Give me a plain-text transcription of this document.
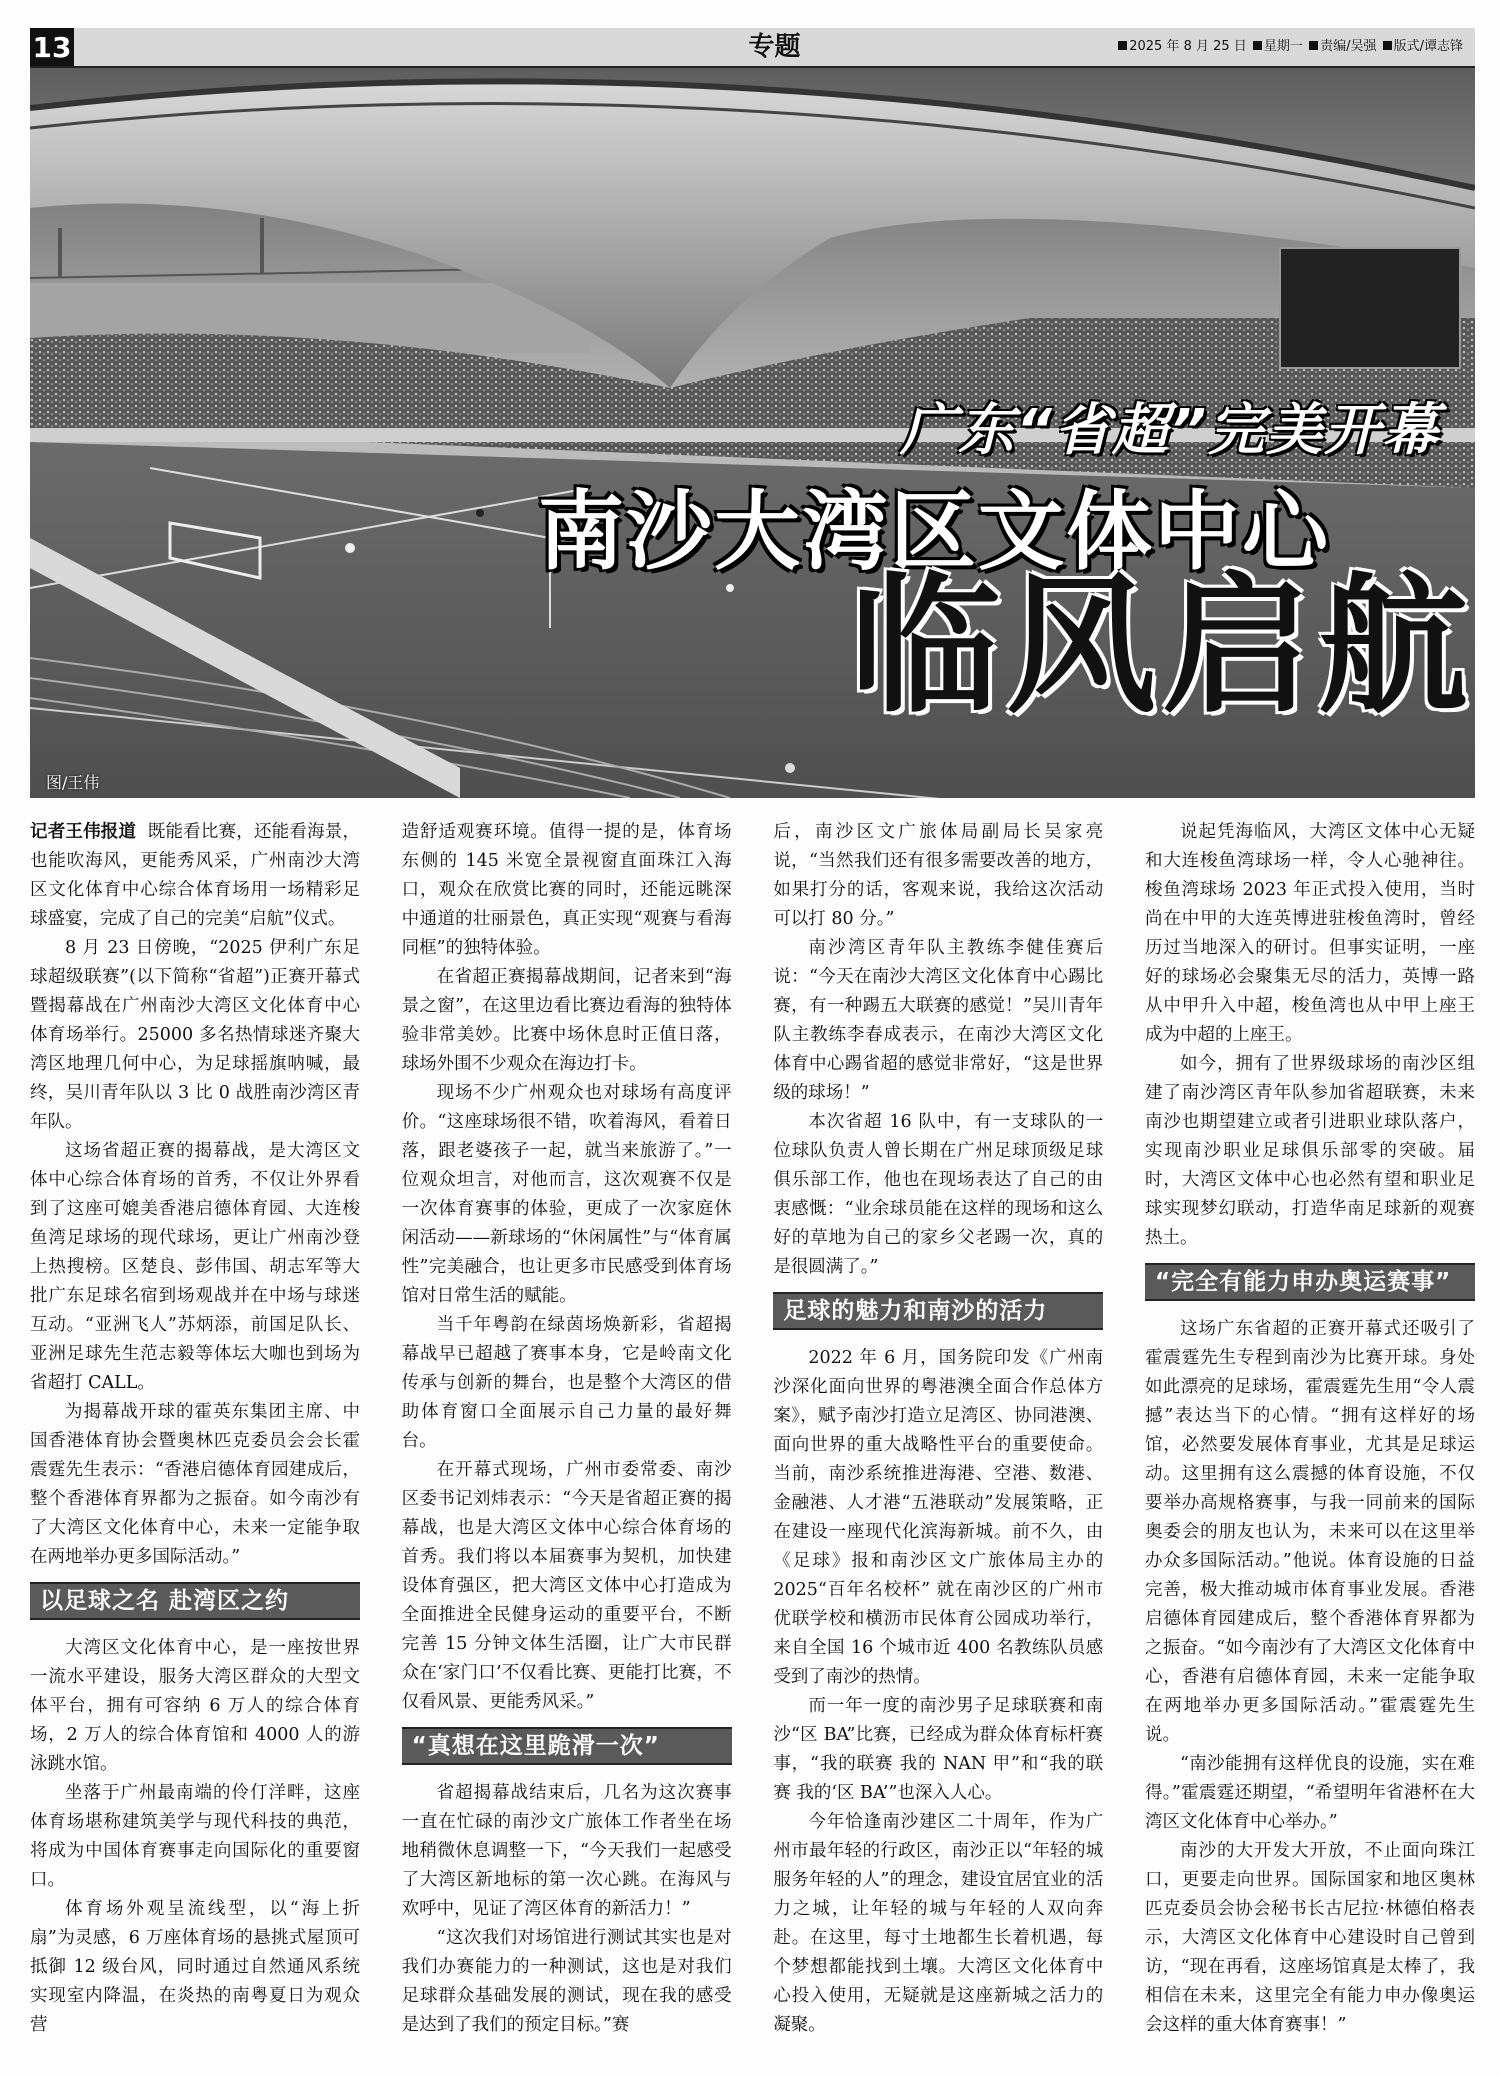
13	专题	2025 年 8 月 25 日 星期一 责编/吴强 版式/谭志锋
图/王伟
广东“省超”完美开幕
南沙大湾区文体中心
临风启航

记者王伟报道 既能看比赛，还能看海景，也能吹海风，更能秀风采，广州南沙大湾区文化体育中心综合体育场用一场精彩足球盛宴，完成了自己的完美“启航”仪式。

8 月 23 日傍晚，“2025 伊利广东足球超级联赛”(以下简称“省超”)正赛开幕式暨揭幕战在广州南沙大湾区文化体育中心体育场举行。25000 多名热情球迷齐聚大湾区地理几何中心，为足球摇旗呐喊，最终，吴川青年队以 3 比 0 战胜南沙湾区青年队。

这场省超正赛的揭幕战，是大湾区文体中心综合体育场的首秀，不仅让外界看到了这座可媲美香港启德体育园、大连梭鱼湾足球场的现代球场，更让广州南沙登上热搜榜。区楚良、彭伟国、胡志军等大批广东足球名宿到场观战并在中场与球迷互动。“亚洲飞人”苏炳添，前国足队长、亚洲足球先生范志毅等体坛大咖也到场为省超打 CALL。

为揭幕战开球的霍英东集团主席、中国香港体育协会暨奥林匹克委员会会长霍震霆先生表示：“香港启德体育园建成后，整个香港体育界都为之振奋。如今南沙有了大湾区文化体育中心，未来一定能争取在两地举办更多国际活动。”

以足球之名 赴湾区之约

大湾区文化体育中心，是一座按世界一流水平建设，服务大湾区群众的大型文体平台，拥有可容纳 6 万人的综合体育场，2 万人的综合体育馆和 4000 人的游泳跳水馆。

坐落于广州最南端的伶仃洋畔，这座体育场堪称建筑美学与现代科技的典范，将成为中国体育赛事走向国际化的重要窗口。

体育场外观呈流线型，以“海上折扇”为灵感，6 万座体育场的悬挑式屋顶可抵御 12 级台风，同时通过自然通风系统实现室内降温，在炎热的南粤夏日为观众营

造舒适观赛环境。值得一提的是，体育场东侧的 145 米宽全景视窗直面珠江入海口，观众在欣赏比赛的同时，还能远眺深中通道的壮丽景色，真正实现“观赛与看海同框”的独特体验。

在省超正赛揭幕战期间，记者来到“海景之窗”，在这里边看比赛边看海的独特体验非常美妙。比赛中场休息时正值日落，球场外围不少观众在海边打卡。

现场不少广州观众也对球场有高度评价。“这座球场很不错，吹着海风，看着日落，跟老婆孩子一起，就当来旅游了。”一位观众坦言，对他而言，这次观赛不仅是一次体育赛事的体验，更成了一次家庭休闲活动——新球场的“休闲属性”与“体育属性”完美融合，也让更多市民感受到体育场馆对日常生活的赋能。

当千年粤韵在绿茵场焕新彩，省超揭幕战早已超越了赛事本身，它是岭南文化传承与创新的舞台，也是整个大湾区的借助体育窗口全面展示自己力量的最好舞台。

在开幕式现场，广州市委常委、南沙区委书记刘炜表示：“今天是省超正赛的揭幕战，也是大湾区文体中心综合体育场的首秀。我们将以本届赛事为契机，加快建设体育强区，把大湾区文体中心打造成为全面推进全民健身运动的重要平台，不断完善 15 分钟文体生活圈，让广大市民群众在‘家门口’不仅看比赛、更能打比赛，不仅看风景、更能秀风采。”

“真想在这里跪滑一次”

省超揭幕战结束后，几名为这次赛事一直在忙碌的南沙文广旅体工作者坐在场地稍微休息调整一下，“今天我们一起感受了大湾区新地标的第一次心跳。在海风与欢呼中，见证了湾区体育的新活力！”

“这次我们对场馆进行测试其实也是对我们办赛能力的一种测试，这也是对我们足球群众基础发展的测试，现在我的感受是达到了我们的预定目标。”赛

后，南沙区文广旅体局副局长吴家亮说，“当然我们还有很多需要改善的地方，如果打分的话，客观来说，我给这次活动可以打 80 分。”

南沙湾区青年队主教练李健佳赛后说：“今天在南沙大湾区文化体育中心踢比赛，有一种踢五大联赛的感觉！”吴川青年队主教练李春成表示，在南沙大湾区文化体育中心踢省超的感觉非常好，“这是世界级的球场！”

本次省超 16 队中，有一支球队的一位球队负责人曾长期在广州足球顶级足球俱乐部工作，他也在现场表达了自己的由衷感慨：“业余球员能在这样的现场和这么好的草地为自己的家乡父老踢一次，真的是很圆满了。”

足球的魅力和南沙的活力

2022 年 6 月，国务院印发《广州南沙深化面向世界的粤港澳全面合作总体方案》，赋予南沙打造立足湾区、协同港澳、面向世界的重大战略性平台的重要使命。当前，南沙系统推进海港、空港、数港、金融港、人才港“五港联动”发展策略，正在建设一座现代化滨海新城。前不久，由《足球》报和南沙区文广旅体局主办的 2025“百年名校杯” 就在南沙区的广州市优联学校和横沥市民体育公园成功举行，来自全国 16 个城市近 400 名教练队员感受到了南沙的热情。

而一年一度的南沙男子足球联赛和南沙“区 BA”比赛，已经成为群众体育标杆赛事，“我的联赛 我的 NAN 甲”和“我的联赛 我的‘区 BA’”也深入人心。

今年恰逢南沙建区二十周年，作为广州市最年轻的行政区，南沙正以“年轻的城服务年轻的人”的理念，建设宜居宜业的活力之城，让年轻的城与年轻的人双向奔赴。在这里，每寸土地都生长着机遇，每个梦想都能找到土壤。大湾区文化体育中心投入使用，无疑就是这座新城之活力的凝聚。

说起凭海临风，大湾区文体中心无疑和大连梭鱼湾球场一样，令人心驰神往。梭鱼湾球场 2023 年正式投入使用，当时尚在中甲的大连英博进驻梭鱼湾时，曾经历过当地深入的研讨。但事实证明，一座好的球场必会聚集无尽的活力，英博一路从中甲升入中超，梭鱼湾也从中甲上座王成为中超的上座王。

如今，拥有了世界级球场的南沙区组建了南沙湾区青年队参加省超联赛，未来南沙也期望建立或者引进职业球队落户，实现南沙职业足球俱乐部零的突破。届时，大湾区文体中心也必然有望和职业足球实现梦幻联动，打造华南足球新的观赛热土。

“完全有能力申办奥运赛事”

这场广东省超的正赛开幕式还吸引了霍震霆先生专程到南沙为比赛开球。身处如此漂亮的足球场，霍震霆先生用“令人震撼”表达当下的心情。“拥有这样好的场馆，必然要发展体育事业，尤其是足球运动。这里拥有这么震撼的体育设施，不仅要举办高规格赛事，与我一同前来的国际奥委会的朋友也认为，未来可以在这里举办众多国际活动。”他说。体育设施的日益完善，极大推动城市体育事业发展。香港启德体育园建成后，整个香港体育界都为之振奋。“如今南沙有了大湾区文化体育中心，香港有启德体育园，未来一定能争取在两地举办更多国际活动。”霍震霆先生说。

“南沙能拥有这样优良的设施，实在难得。”霍震霆还期望，“希望明年省港杯在大湾区文化体育中心举办。”

南沙的大开发大开放，不止面向珠江口，更要走向世界。国际国家和地区奥林匹克委员会协会秘书长古尼拉·林德伯格表示，大湾区文化体育中心建设时自己曾到访，“现在再看，这座场馆真是太棒了，我相信在未来，这里完全有能力申办像奥运会这样的重大体育赛事！”
